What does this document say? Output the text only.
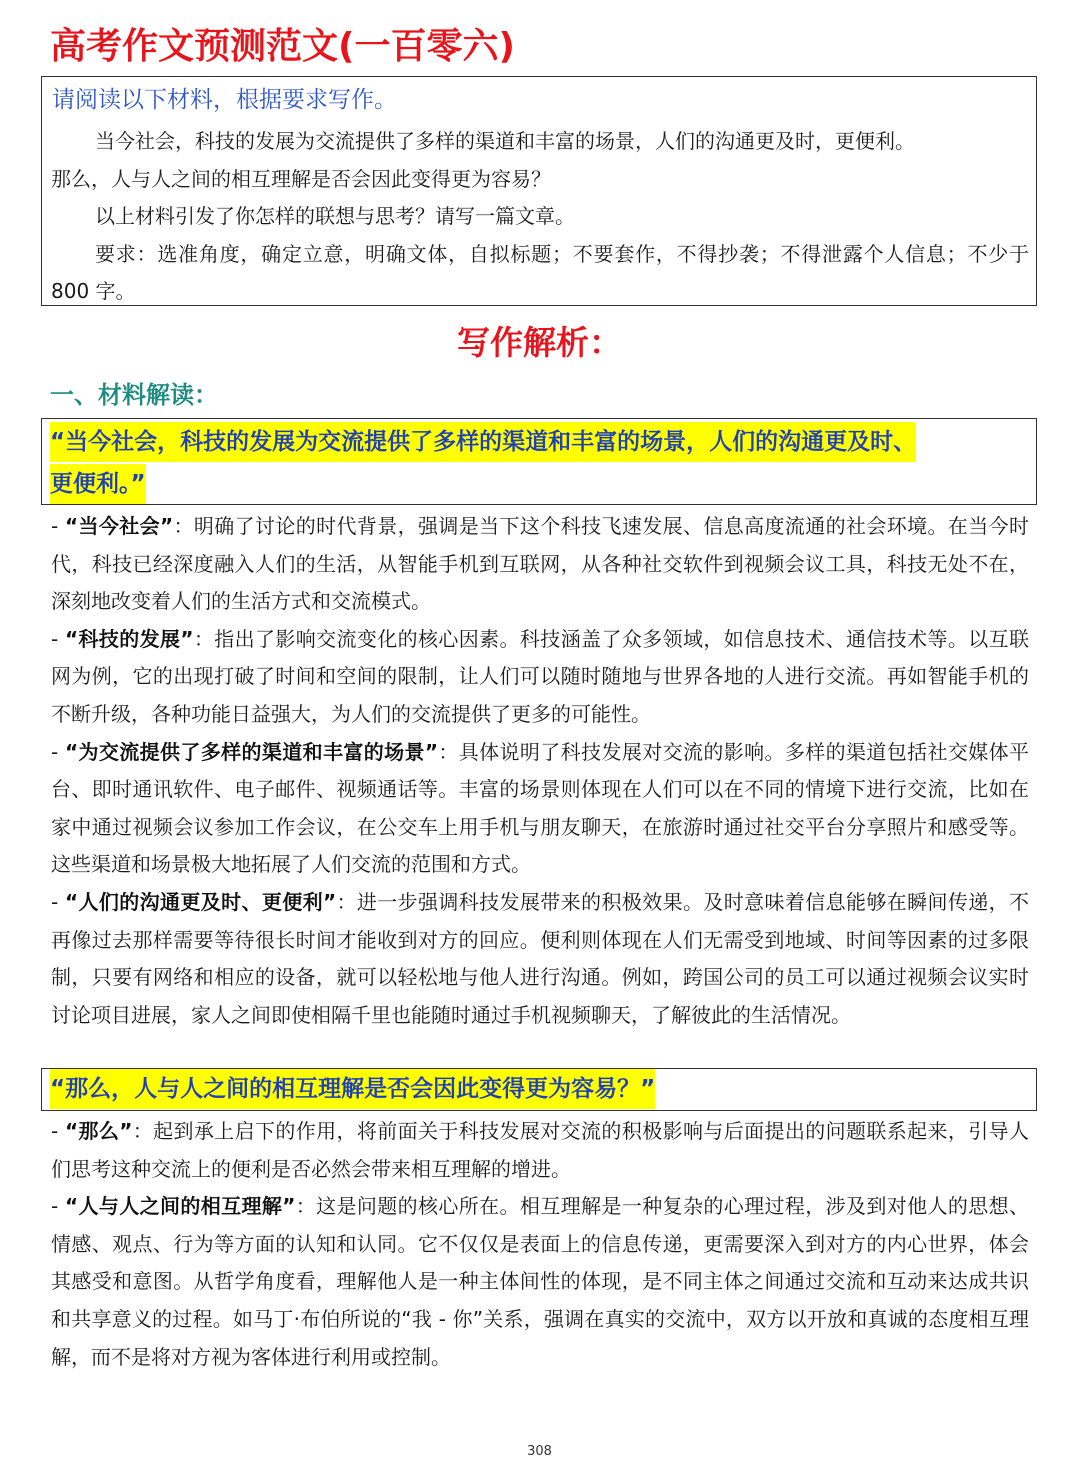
高考作文预测范文(一百零六)
请阅读以下材料，根据要求写作。

当今社会，科技的发展为交流提供了多样的渠道和丰富的场景，人们的沟通更及时，更便利。

那么，人与人之间的相互理解是否会因此变得更为容易？

以上材料引发了你怎样的联想与思考？请写一篇文章。

要求：选准角度，确定立意，明确文体，自拟标题；不要套作，不得抄袭；不得泄露个人信息；不少于 800 字。

写作解析：
一、材料解读：
“当今社会，科技的发展为交流提供了多样的渠道和丰富的场景，人们的沟通更及时、
更便利。”

- “当今社会”：明确了讨论的时代背景，强调是当下这个科技飞速发展、信息高度流通的社会环境。在当今时代，科技已经深度融入人们的生活，从智能手机到互联网，从各种社交软件到视频会议工具，科技无处不在，深刻地改变着人们的生活方式和交流模式。

- “科技的发展”：指出了影响交流变化的核心因素。科技涵盖了众多领域，如信息技术、通信技术等。以互联网为例，它的出现打破了时间和空间的限制，让人们可以随时随地与世界各地的人进行交流。再如智能手机的不断升级，各种功能日益强大，为人们的交流提供了更多的可能性。

- “为交流提供了多样的渠道和丰富的场景”：具体说明了科技发展对交流的影响。多样的渠道包括社交媒体平台、即时通讯软件、电子邮件、视频通话等。丰富的场景则体现在人们可以在不同的情境下进行交流，比如在家中通过视频会议参加工作会议，在公交车上用手机与朋友聊天，在旅游时通过社交平台分享照片和感受等。这些渠道和场景极大地拓展了人们交流的范围和方式。

- “人们的沟通更及时、更便利”：进一步强调科技发展带来的积极效果。及时意味着信息能够在瞬间传递，不再像过去那样需要等待很长时间才能收到对方的回应。便利则体现在人们无需受到地域、时间等因素的过多限制，只要有网络和相应的设备，就可以轻松地与他人进行沟通。例如，跨国公司的员工可以通过视频会议实时讨论项目进展，家人之间即使相隔千里也能随时通过手机视频聊天，了解彼此的生活情况。

“那么，人与人之间的相互理解是否会因此变得更为容易？”

- “那么”：起到承上启下的作用，将前面关于科技发展对交流的积极影响与后面提出的问题联系起来，引导人们思考这种交流上的便利是否必然会带来相互理解的增进。

- “人与人之间的相互理解”：这是问题的核心所在。相互理解是一种复杂的心理过程，涉及到对他人的思想、情感、观点、行为等方面的认知和认同。它不仅仅是表面上的信息传递，更需要深入到对方的内心世界，体会其感受和意图。从哲学角度看，理解他人是一种主体间性的体现，是不同主体之间通过交流和互动来达成共识和共享意义的过程。如马丁·布伯所说的“我 - 你”关系，强调在真实的交流中，双方以开放和真诚的态度相互理解，而不是将对方视为客体进行利用或控制。

308
